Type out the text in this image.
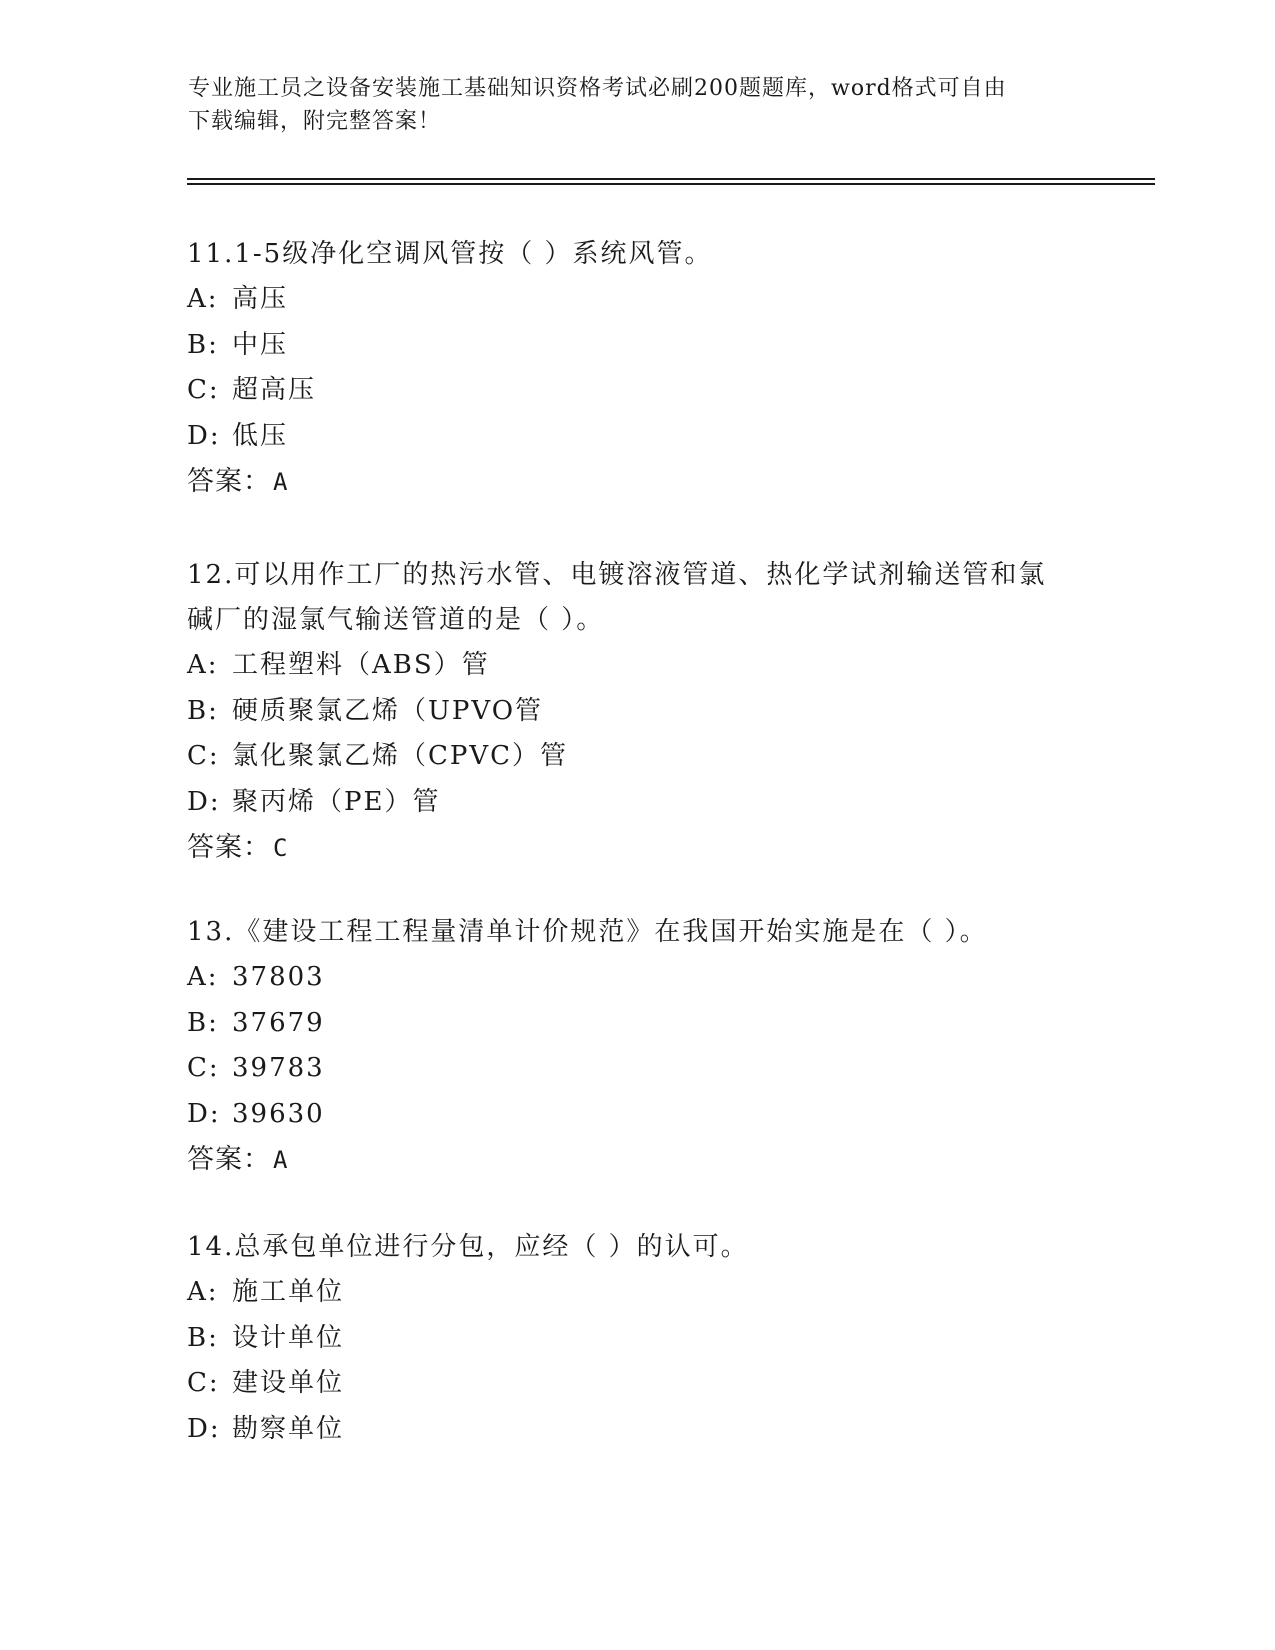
专业施工员之设备安装施工基础知识资格考试必刷200题题库，word格式可自由
下载编辑，附完整答案！

11.1-5级净化空调风管按（ ）系统风管。

A: 高压
B: 中压
C: 超高压
D: 低压
答案：A

12.可以用作工厂的热污水管、电镀溶液管道、热化学试剂输送管和氯

碱厂的湿氯气输送管道的是（ ）。

A: 工程塑料（ABS）管
B: 硬质聚氯乙烯（UPVO管
C: 氯化聚氯乙烯（CPVC）管
D: 聚丙烯（PE）管
答案：C

13.《建设工程工程量清单计价规范》在我国开始实施是在（ ）。

A: 37803
B: 37679
C: 39783
D: 39630
答案：A

14.总承包单位进行分包，应经（ ）的认可。

A: 施工单位
B: 设计单位
C: 建设单位
D: 勘察单位
